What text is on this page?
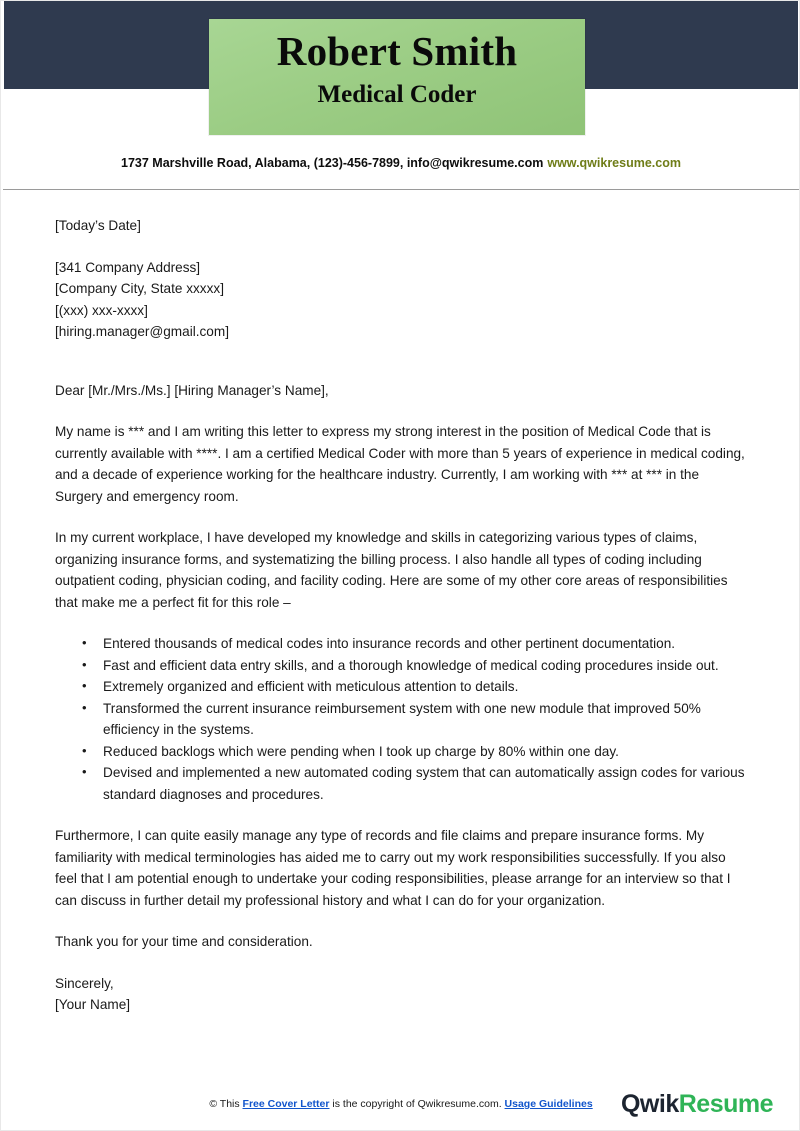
Robert Smith
Medical Coder
1737 Marshville Road, Alabama, (123)-456-7899, info@qwikresume.com www.qwikresume.com
[Today’s Date]
[341 Company Address]
[Company City, State xxxxx]
[(xxx) xxx-xxxx]
[hiring.manager@gmail.com]

Dear [Mr./Mrs./Ms.] [Hiring Manager’s Name],

My name is *** and I am writing this letter to express my strong interest in the position of Medical Code that is currently available with ****. I am a certified Medical Coder with more than 5 years of experience in medical coding, and a decade of experience working for the healthcare industry. Currently, I am working with *** at *** in the Surgery and emergency room.

In my current workplace, I have developed my knowledge and skills in categorizing various types of claims, organizing insurance forms, and systematizing the billing process. I also handle all types of coding including outpatient coding, physician coding, and facility coding. Here are some of my other core areas of responsibilities that make me a perfect fit for this role –

• Entered thousands of medical codes into insurance records and other pertinent documentation.
• Fast and efficient data entry skills, and a thorough knowledge of medical coding procedures inside out.
• Extremely organized and efficient with meticulous attention to details.
• Transformed the current insurance reimbursement system with one new module that improved 50% efficiency in the systems.
• Reduced backlogs which were pending when I took up charge by 80% within one day.
• Devised and implemented a new automated coding system that can automatically assign codes for various standard diagnoses and procedures.

Furthermore, I can quite easily manage any type of records and file claims and prepare insurance forms. My familiarity with medical terminologies has aided me to carry out my work responsibilities successfully. If you also feel that I am potential enough to undertake your coding responsibilities, please arrange for an interview so that I can discuss in further detail my professional history and what I can do for your organization.

Thank you for your time and consideration.

Sincerely,

[Your Name]

© This Free Cover Letter is the copyright of Qwikresume.com. Usage Guidelines	QwikResume
